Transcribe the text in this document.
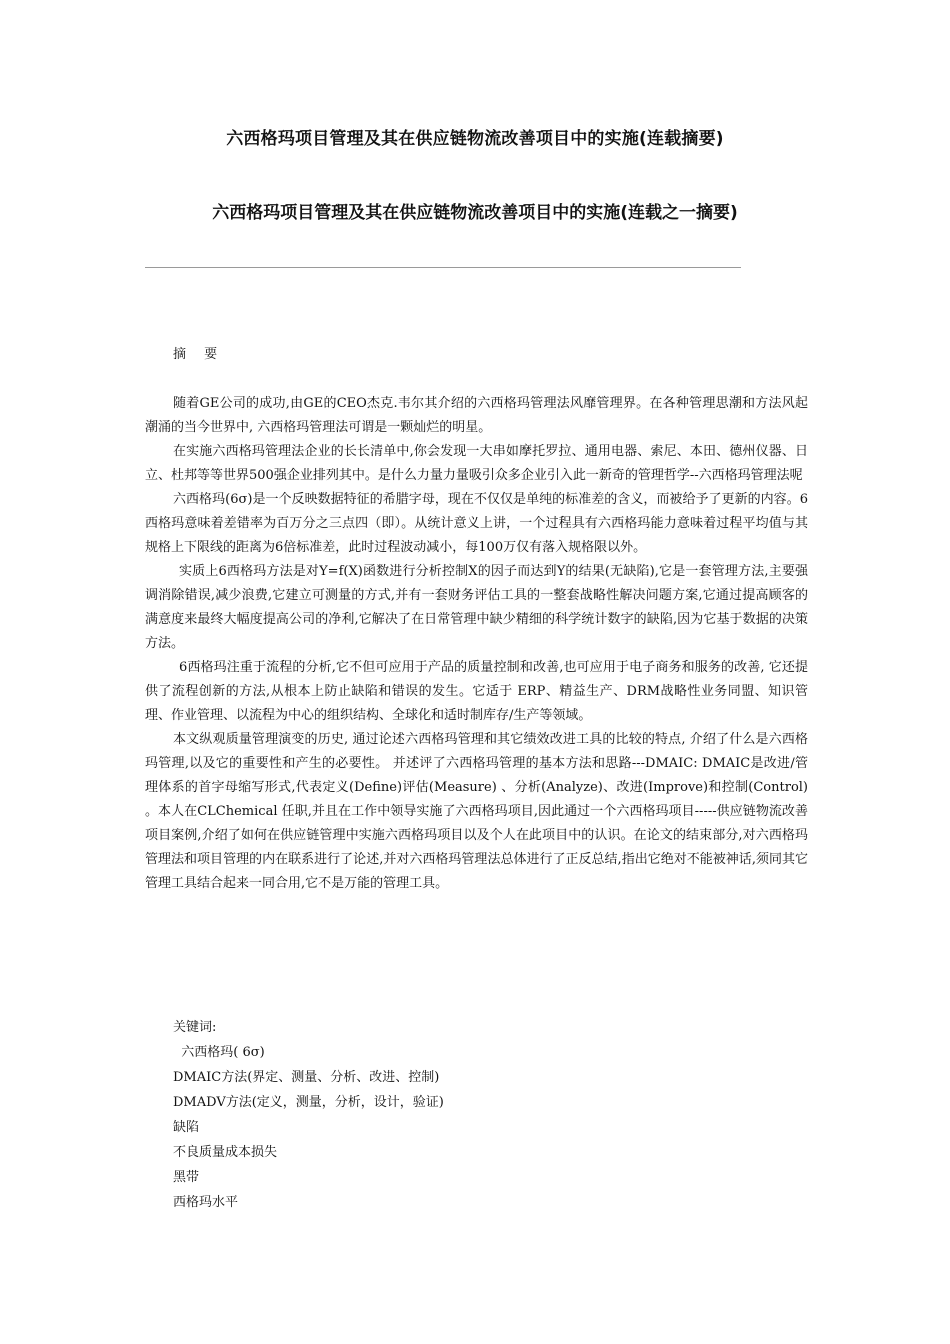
六西格玛项目管理及其在供应链物流改善项目中的实施(连载摘要)
六西格玛项目管理及其在供应链物流改善项目中的实施(连载之一摘要)
摘 要

随着GE公司的成功,由GE的CEO杰克.韦尔其介绍的六西格玛管理法风靡管理界。在各种管理思潮和方法风起潮涌的当今世界中, 六西格玛管理法可谓是一颗灿烂的明星。

在实施六西格玛管理法企业的长长清单中,你会发现一大串如摩托罗拉、通用电器、索尼、本田、德州仪器、日立、杜邦等等世界500强企业排列其中。是什么力量力量吸引众多企业引入此一新奇的管理哲学--六西格玛管理法呢

六西格玛(6σ)是一个反映数据特征的希腊字母，现在不仅仅是单纯的标准差的含义，而被给予了更新的内容。6西格玛意味着差错率为百万分之三点四（即）。从统计意义上讲，一个过程具有六西格玛能力意味着过程平均值与其规格上下限线的距离为6倍标准差，此时过程波动减小，每100万仅有落入规格限以外。

实质上6西格玛方法是对Y=f(X)函数进行分析控制X的因子而达到Y的结果(无缺陷),它是一套管理方法,主要强调消除错误,减少浪费,它建立可测量的方式,并有一套财务评估工具的一整套战略性解决问题方案,它通过提高顾客的满意度来最终大幅度提高公司的净利,它解决了在日常管理中缺少精细的科学统计数字的缺陷,因为它基于数据的决策方法。

6西格玛注重于流程的分析,它不但可应用于产品的质量控制和改善,也可应用于电子商务和服务的改善, 它还提供了流程创新的方法,从根本上防止缺陷和错误的发生。它适于 ERP、精益生产、DRM战略性业务同盟、知识管理、作业管理、以流程为中心的组织结构、全球化和适时制库存/生产等领域。

本文纵观质量管理演变的历史, 通过论述六西格玛管理和其它绩效改进工具的比较的特点, 介绍了什么是六西格玛管理,以及它的重要性和产生的必要性。 并述评了六西格玛管理的基本方法和思路---DMAIC: DMAIC是改进/管理体系的首字母缩写形式,代表定义(Define)评估(Measure) 、分析(Analyze)、改进(Improve)和控制(Control) 。本人在CLChemical 任职,并且在工作中领导实施了六西格玛项目,因此通过一个六西格玛项目-----供应链物流改善项目案例,介绍了如何在供应链管理中实施六西格玛项目以及个人在此项目中的认识。在论文的结束部分,对六西格玛管理法和项目管理的内在联系进行了论述,并对六西格玛管理法总体进行了正反总结,指出它绝对不能被神话,须同其它管理工具结合起来一同合用,它不是万能的管理工具。

关键词:
六西格玛( 6σ)
DMAIC方法(界定、测量、分析、改进、控制)
DMADV方法(定义，测量，分析，设计，验证)
缺陷
不良质量成本损失
黑带
西格玛水平
